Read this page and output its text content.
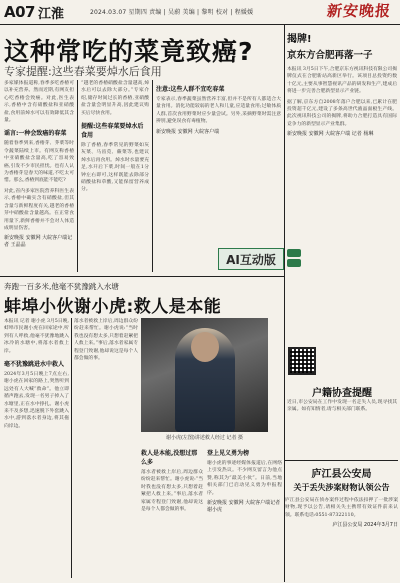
A07 江淮	2024.03.07 星期四 责编 | 吴蔚 美编 | 黎明 校对 | 程媛媛	新安晚报
这种常吃的菜竟致癌?
专家提醒:这些春菜要焯水后食用

多家媒体报道称,春季多吃香椿可以补充营养。然而近期,有网友担心吃香椿会致癌。对此,医生表示,香椿中含有硝酸盐和亚硝酸盐,食用前焯水可以有效降低其含量。

谣言:一种会致癌的春菜

随着春季到来,香椿芽、荠菜等时令蔬菜陆续上市。有网友称香椿中亚硝酸盐含量高,吃了容易致癌,引发不少市民担忧。也有人认为香椿芽是春天的味道,不吃太可惜。那么,香椿到底能不能吃?

对此,省内多家医院营养科医生表示,香椿中确实含有硝酸盐,但其含量与新鲜程度有关,越老的香椿芽中硝酸盐含量越高。在正常食用量下,新鲜香椿并不会对人体造成明显伤害。

新安晚报 安徽网 大皖客户端记者 王晶晶

“越老的香椿硝酸盐含量越高,焯水后可以去除大部分。”专家介绍,储存时间过长的香椿,亚硝酸盐含量会明显升高,因此建议购买后尽快食用。

提醒:这些春菜要焯水后食用

除了香椿,春季常见的野菜如灰灰菜、马齿苋、蕨菜等,也建议焯水后再食用。焯水时水量要充足,水开后下菜,时间一般在1分钟左右即可,这样既能去除部分硝酸盐和草酸,又能保留营养成分。

注意:这些人群不宜吃春菜

专家表示,春季蔬菜虽然营养丰富,但并不是所有人都适合大量食用。消化功能较弱的老人和儿童,应适量食用;过敏体质人群,首次食用野菜时应少量尝试。另外,采摘野菜时需注意辨别,避免误食有毒植物。

新安晚报 安徽网 大皖客户端
AI互动版
奔跑一百多米,他毫不犹豫跳入水塘
蚌埠小伙谢小虎:救人是本能

本报讯 记者 谢小虎 3月5日晚,蚌埠市民谢小虎在回家途中,听到有人呼救,他毫不犹豫地跳入冰冷的水塘中,将落水者救上岸。

毫不犹豫跳进水中救人

2024年3月5日晚上7点左右,谢小虎在回家的路上,突然听到远处有人大喊“救命”。他立即循声跑去,发现一名男子掉入了水塘里,正在水中挣扎。谢小虎来不及多想,迅速脱下外套跳入水中,游到落水者身边,将其拖向岸边。

落水者被救上岸后,周边群众纷纷赶来帮忙。谢小虎说:“当时我也没有想太多,只想着赶紧把人救上来。”事后,落水者家属专程登门致谢,他却说这是每个人都会做的事。

谢小虎(左图)讲述救人经过 记者 摄
救人是本能,没想过那么多

落水者被救上岸后,周边群众纷纷赶来帮忙。谢小虎说:“当时我也没有想太多,只想着赶紧把人救上来。”事后,落水者家属专程登门致谢,他却说这是每个人都会做的事。

登上见义勇为榜

谢小虎的事迹经媒体报道后,在网络上引发热议。不少网友留言为他点赞,称其为“最美小伙”。日前,当地相关部门已启动见义勇为申报程序。

新安晚报 安徽网 大皖客户端记者 谢小虎
揭牌!
京东方合肥再落一子

本报讯 3月5日下午,合肥京东方视讯科技有限公司揭牌仪式在合肥新站高新区举行。该项目总投资约数十亿元,主要从事智慧视讯产品的研发和生产,建成后将进一步完善合肥新型显示产业链。

据了解,京东方自2008年落户合肥以来,已累计在肥投资超千亿元,建设了多条高世代液晶面板生产线。此次视讯科技公司的揭牌,将助力合肥打造具有国际竞争力的新型显示产业集群。

新安晚报 安徽网 大皖客户端 记者 杨琳
户籍协查提醒

近日,市公安局在工作中发现一名走失人员,现寻找其亲属。如有知情者,请与相关部门联系。

庐江县公安局
关于丢失涉案财物认领公告

庐江县公安局在侦办案件过程中依法扣押了一批涉案财物,现予以公告,请相关失主携带有效证件前来认领。联系电话:0551-87322110。

庐江县公安局 2024年3月7日
